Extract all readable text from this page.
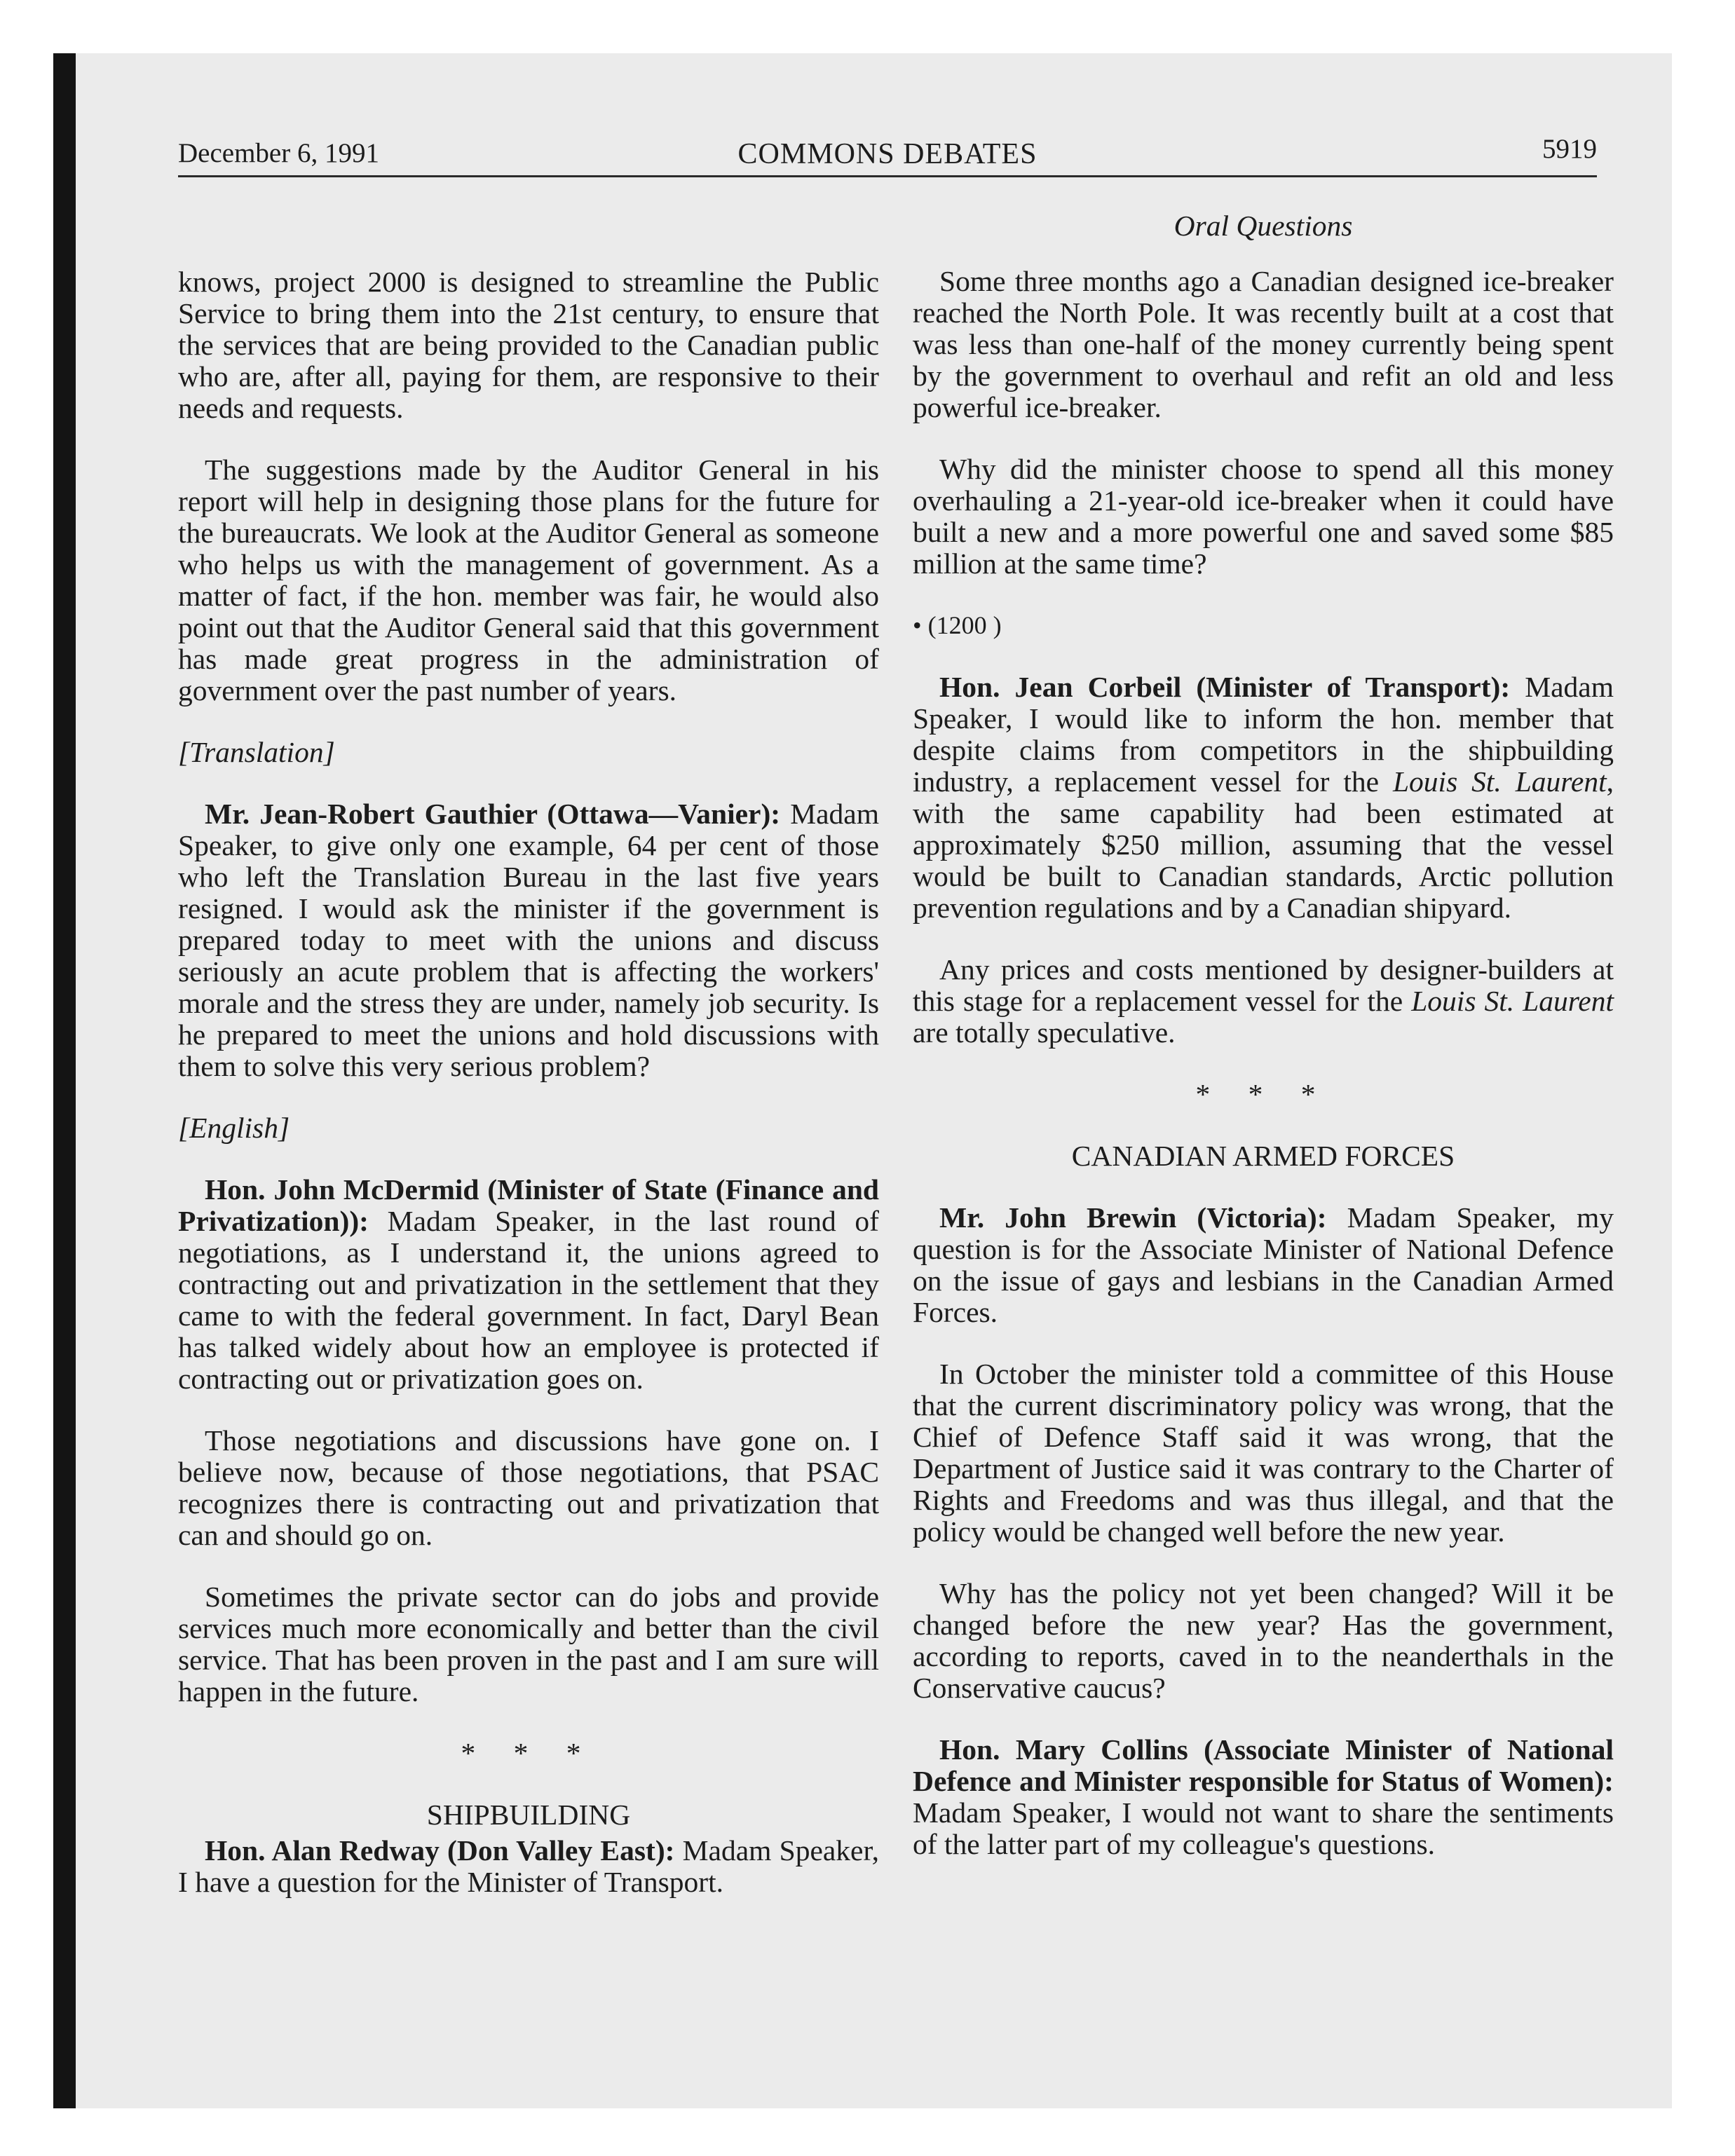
December 6, 1991	COMMONS DEBATES	5919

knows, project 2000 is designed to streamline the Public Service to bring them into the 21st century, to ensure that the services that are being provided to the Canadian public who are, after all, paying for them, are responsive to their needs and requests.

The suggestions made by the Auditor General in his report will help in designing those plans for the future for the bureaucrats. We look at the Auditor General as someone who helps us with the management of government. As a matter of fact, if the hon. member was fair, he would also point out that the Auditor General said that this government has made great progress in the administration of government over the past number of years.

[Translation]

Mr. Jean-Robert Gauthier (Ottawa—Vanier): Madam Speaker, to give only one example, 64 per cent of those who left the Translation Bureau in the last five years resigned. I would ask the minister if the government is prepared today to meet with the unions and discuss seriously an acute problem that is affecting the workers' morale and the stress they are under, namely job security. Is he prepared to meet the unions and hold discussions with them to solve this very serious problem?

[English]

Hon. John McDermid (Minister of State (Finance and Privatization)): Madam Speaker, in the last round of negotiations, as I understand it, the unions agreed to contracting out and privatization in the settlement that they came to with the federal government. In fact, Daryl Bean has talked widely about how an employee is protected if contracting out or privatization goes on.

Those negotiations and discussions have gone on. I believe now, because of those negotiations, that PSAC recognizes there is contracting out and privatization that can and should go on.

Sometimes the private sector can do jobs and provide services much more economically and better than the civil service. That has been proven in the past and I am sure will happen in the future.

* * *
SHIPBUILDING

Hon. Alan Redway (Don Valley East): Madam Speaker, I have a question for the Minister of Transport.

Oral Questions

Some three months ago a Canadian designed ice-breaker reached the North Pole. It was recently built at a cost that was less than one-half of the money currently being spent by the government to overhaul and refit an old and less powerful ice-breaker.

Why did the minister choose to spend all this money overhauling a 21-year-old ice-breaker when it could have built a new and a more powerful one and saved some $85 million at the same time?

• (1200 )

Hon. Jean Corbeil (Minister of Transport): Madam Speaker, I would like to inform the hon. member that despite claims from competitors in the shipbuilding industry, a replacement vessel for the Louis St. Laurent, with the same capability had been estimated at approximately $250 million, assuming that the vessel would be built to Canadian standards, Arctic pollution prevention regulations and by a Canadian shipyard.

Any prices and costs mentioned by designer-builders at this stage for a replacement vessel for the Louis St. Laurent are totally speculative.

* * *
CANADIAN ARMED FORCES

Mr. John Brewin (Victoria): Madam Speaker, my question is for the Associate Minister of National Defence on the issue of gays and lesbians in the Canadian Armed Forces.

In October the minister told a committee of this House that the current discriminatory policy was wrong, that the Chief of Defence Staff said it was wrong, that the Department of Justice said it was contrary to the Charter of Rights and Freedoms and was thus illegal, and that the policy would be changed well before the new year.

Why has the policy not yet been changed? Will it be changed before the new year? Has the government, according to reports, caved in to the neanderthals in the Conservative caucus?

Hon. Mary Collins (Associate Minister of National Defence and Minister responsible for Status of Women): Madam Speaker, I would not want to share the sentiments of the latter part of my colleague's questions.
